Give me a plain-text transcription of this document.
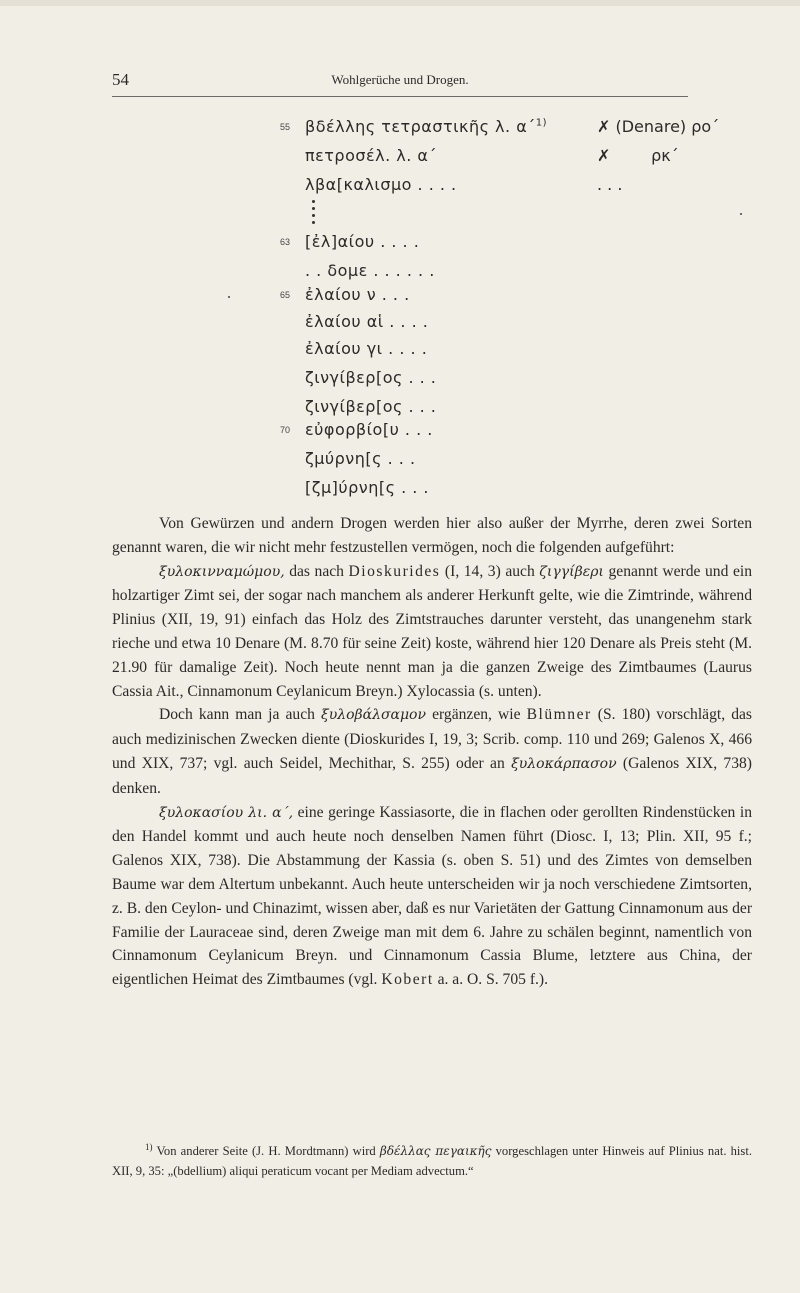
54	Wohlgerüche und Drogen.
55 βδέλλης τετραστικῆς λ. α´$^{1)}$
πετροσέλ. λ. α´
λβα[καλισμο . . . .
63 [ἐλ]αίου . . . .
. . δομε . . . . . .
65 ἐλαίου ν . . .
ἐλαίου αἱ . . . .
ἐλαίου γι . . . .
ζινγίβερ[ος . . .
ζινγίβερ[ος . . .
70 εὐφορβίο[υ . . .
ζμύρνη[ς . . .
[ζμ]ύρνη[ς . . .
✗ (Denare) ρο´
✗        ρκ´
. . .

Von Gewürzen und andern Drogen werden hier also außer der Myrrhe, deren zwei Sorten genannt waren, die wir nicht mehr festzustellen vermögen, noch die folgenden aufgeführt:

ξυλοκινναμώμου, das nach Dioskurides (I, 14, 3) auch ζιγγίβερι genannt werde und ein holzartiger Zimt sei, der sogar nach manchem als anderer Herkunft gelte, wie die Zimtrinde, während Plinius (XII, 19, 91) einfach das Holz des Zimtstrauches darunter versteht, das unangenehm stark rieche und etwa 10 Denare (M. 8.70 für seine Zeit) koste, während hier 120 Denare als Preis steht (M. 21.90 für damalige Zeit). Noch heute nennt man ja die ganzen Zweige des Zimtbaumes (Laurus Cassia Ait., Cinnamonum Ceylanicum Breyn.) Xylocassia (s. unten).

Doch kann man ja auch ξυλοβάλσαμον ergänzen, wie Blümner (S. 180) vorschlägt, das auch medizinischen Zwecken diente (Dioskurides I, 19, 3; Scrib. comp. 110 und 269; Galenos X, 466 und XIX, 737; vgl. auch Seidel, Mechithar, S. 255) oder an ξυλοκάρπασον (Galenos XIX, 738) denken.

ξυλοκασίου λι. α´, eine geringe Kassiasorte, die in flachen oder gerollten Rindenstücken in den Handel kommt und auch heute noch denselben Namen führt (Diosc. I, 13; Plin. XII, 95 f.; Galenos XIX, 738). Die Abstammung der Kassia (s. oben S. 51) und des Zimtes von demselben Baume war dem Altertum unbekannt. Auch heute unterscheiden wir ja noch verschiedene Zimtsorten, z. B. den Ceylon- und Chinazimt, wissen aber, daß es nur Varietäten der Gattung Cinnamonum aus der Familie der Lauraceae sind, deren Zweige man mit dem 6. Jahre zu schälen beginnt, namentlich von Cinnamonum Ceylanicum Breyn. und Cinnamonum Cassia Blume, letztere aus China, der eigentlichen Heimat des Zimtbaumes (vgl. Kobert a. a. O. S. 705 f.).

$^{1)}$ Von anderer Seite (J. H. Mordtmann) wird βδέλλας πεγαικῆς vorgeschlagen unter Hinweis auf Plinius nat. hist. XII, 9, 35: „(bdellium) aliqui peraticum vocant per Mediam advectum.“
